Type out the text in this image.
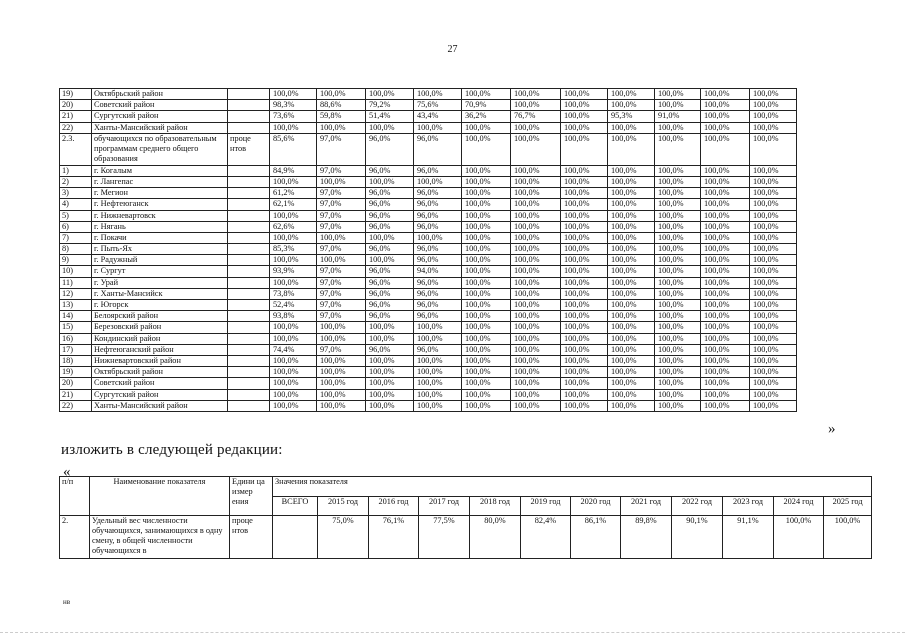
27
19)	Октябрьский район		100,0%	100,0%	100,0%	100,0%	100,0%	100,0%	100,0%	100,0%	100,0%	100,0%	100,0%
20)	Советский район		98,3%	88,6%	79,2%	75,6%	70,9%	100,0%	100,0%	100,0%	100,0%	100,0%	100,0%
21)	Сургутский район		73,6%	59,8%	51,4%	43,4%	36,2%	76,7%	100,0%	95,3%	91,0%	100,0%	100,0%
22)	Ханты-Мансийский район		100,0%	100,0%	100,0%	100,0%	100,0%	100,0%	100,0%	100,0%	100,0%	100,0%	100,0%
2.3.	обучающихся по образовательным программам среднего общего образования	проце нтов	85,6%	97,0%	96,0%	96,0%	100,0%	100,0%	100,0%	100,0%	100,0%	100,0%	100,0%
1)	г. Когалым		84,9%	97,0%	96,0%	96,0%	100,0%	100,0%	100,0%	100,0%	100,0%	100,0%	100,0%
2)	г. Лангепас		100,0%	100,0%	100,0%	100,0%	100,0%	100,0%	100,0%	100,0%	100,0%	100,0%	100,0%
3)	г. Мегион		61,2%	97,0%	96,0%	96,0%	100,0%	100,0%	100,0%	100,0%	100,0%	100,0%	100,0%
4)	г. Нефтеюганск		62,1%	97,0%	96,0%	96,0%	100,0%	100,0%	100,0%	100,0%	100,0%	100,0%	100,0%
5)	г. Нижневартовск		100,0%	97,0%	96,0%	96,0%	100,0%	100,0%	100,0%	100,0%	100,0%	100,0%	100,0%
6)	г. Нягань		62,6%	97,0%	96,0%	96,0%	100,0%	100,0%	100,0%	100,0%	100,0%	100,0%	100,0%
7)	г. Покачи		100,0%	100,0%	100,0%	100,0%	100,0%	100,0%	100,0%	100,0%	100,0%	100,0%	100,0%
8)	г. Пыть-Ях		85,3%	97,0%	96,0%	96,0%	100,0%	100,0%	100,0%	100,0%	100,0%	100,0%	100,0%
9)	г. Радужный		100,0%	100,0%	100,0%	96,0%	100,0%	100,0%	100,0%	100,0%	100,0%	100,0%	100,0%
10)	г. Сургут		93,9%	97,0%	96,0%	94,0%	100,0%	100,0%	100,0%	100,0%	100,0%	100,0%	100,0%
11)	г. Урай		100,0%	97,0%	96,0%	96,0%	100,0%	100,0%	100,0%	100,0%	100,0%	100,0%	100,0%
12)	г. Ханты-Мансийск		73,8%	97,0%	96,0%	96,0%	100,0%	100,0%	100,0%	100,0%	100,0%	100,0%	100,0%
13)	г. Югорск		52,4%	97,0%	96,0%	96,0%	100,0%	100,0%	100,0%	100,0%	100,0%	100,0%	100,0%
14)	Белоярский район		93,8%	97,0%	96,0%	96,0%	100,0%	100,0%	100,0%	100,0%	100,0%	100,0%	100,0%
15)	Березовский район		100,0%	100,0%	100,0%	100,0%	100,0%	100,0%	100,0%	100,0%	100,0%	100,0%	100,0%
16)	Кондинский район		100,0%	100,0%	100,0%	100,0%	100,0%	100,0%	100,0%	100,0%	100,0%	100,0%	100,0%
17)	Нефтеюганский район		74,4%	97,0%	96,0%	96,0%	100,0%	100,0%	100,0%	100,0%	100,0%	100,0%	100,0%
18)	Нижневартовский район		100,0%	100,0%	100,0%	100,0%	100,0%	100,0%	100,0%	100,0%	100,0%	100,0%	100,0%
19)	Октябрьский район		100,0%	100,0%	100,0%	100,0%	100,0%	100,0%	100,0%	100,0%	100,0%	100,0%	100,0%
20)	Советский район		100,0%	100,0%	100,0%	100,0%	100,0%	100,0%	100,0%	100,0%	100,0%	100,0%	100,0%
21)	Сургутский район		100,0%	100,0%	100,0%	100,0%	100,0%	100,0%	100,0%	100,0%	100,0%	100,0%	100,0%
22)	Ханты-Мансийский район		100,0%	100,0%	100,0%	100,0%	100,0%	100,0%	100,0%	100,0%	100,0%	100,0%	100,0%
»
изложить в следующей редакции:
«
п/п	Наименование показателя	Едини ца измер ения	Значения показателя											
			ВСЕГО	2015 год	2016 год	2017 год	2018 год	2019 год	2020 год	2021 год	2022 год	2023 год	2024 год	2025 год
2.	Удельный вес численности обучающихся, занимающихся в одну смену, в общей численности обучающихся в	проце нтов		75,0%	76,1%	77,5%	80,0%	82,4%	86,1%	89,8%	90,1%	91,1%	100,0%	100,0%
нв
